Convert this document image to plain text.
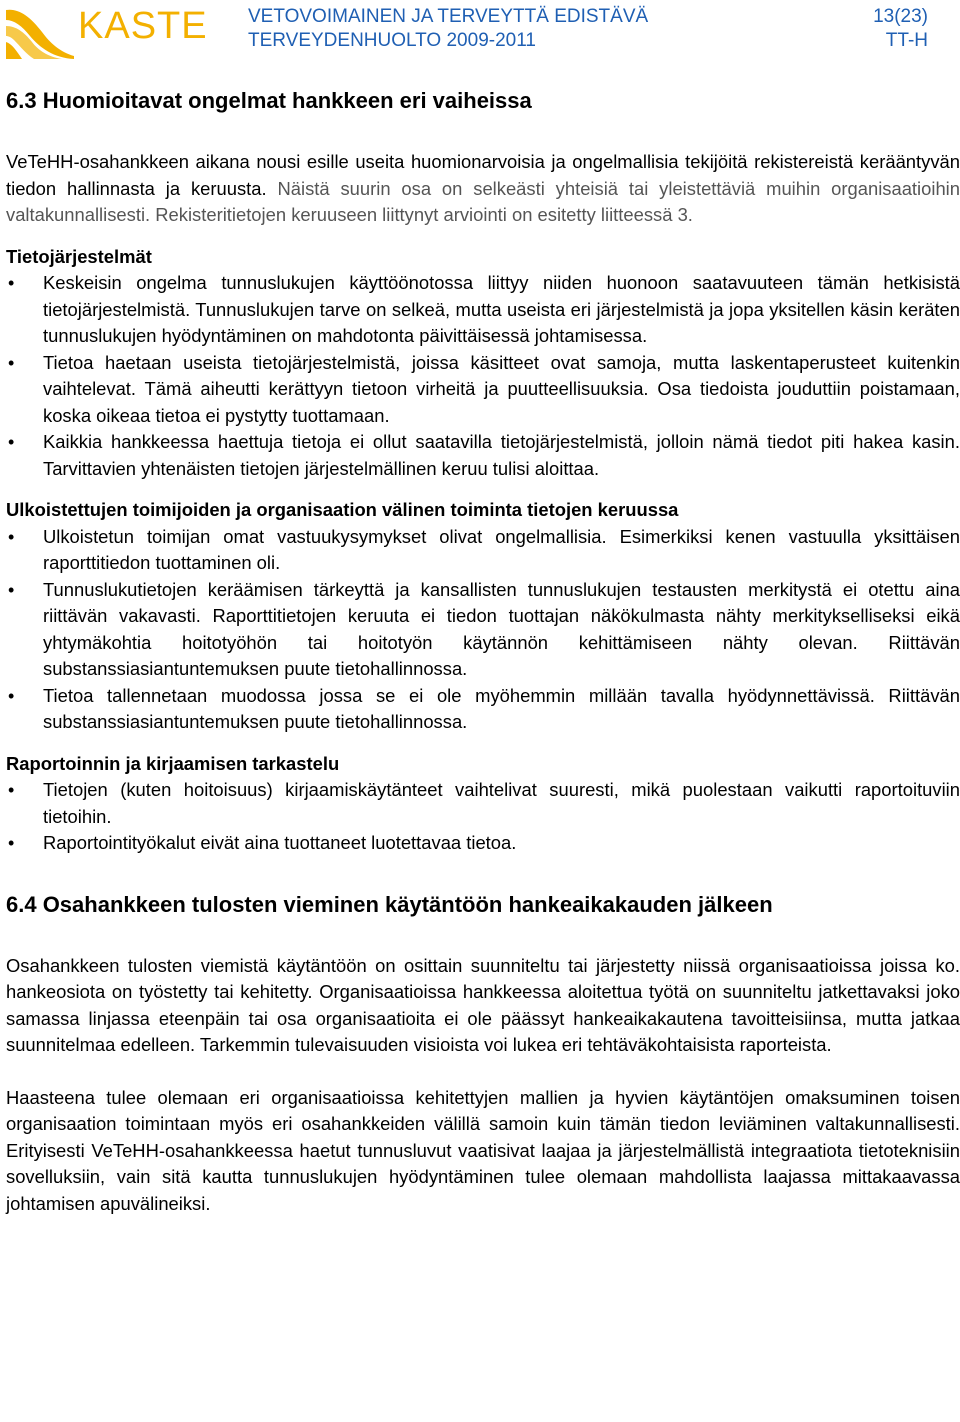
KASTE VETOVOIMAINEN JA TERVEYTTÄ EDISTÄVÄ
TERVEYDENHUOLTO 2009-2011
13(23)
TT-H
6.3 Huomioitavat ongelmat hankkeen eri vaiheissa

VeTeHH-osahankkeen aikana nousi esille useita huomionarvoisia ja ongelmallisia tekijöitä rekistereistä kerääntyvän tiedon hallinnasta ja keruusta. Näistä suurin osa on selkeästi yhteisiä tai yleistettäviä muihin organisaatioihin valtakunnallisesti. Rekisteritietojen keruuseen liittynyt arviointi on esitetty liitteessä 3.

Tietojärjestelmät
• Keskeisin ongelma tunnuslukujen käyttöönotossa liittyy niiden huonoon saatavuuteen tämän hetkisistä tietojärjestelmistä. Tunnuslukujen tarve on selkeä, mutta useista eri järjestelmistä ja jopa yksitellen käsin keräten tunnuslukujen hyödyntäminen on mahdotonta päivittäisessä johtamisessa.
• Tietoa haetaan useista tietojärjestelmistä, joissa käsitteet ovat samoja, mutta laskentaperusteet kuitenkin vaihtelevat. Tämä aiheutti kerättyyn tietoon virheitä ja puutteellisuuksia. Osa tiedoista jouduttiin poistamaan, koska oikeaa tietoa ei pystytty tuottamaan.
• Kaikkia hankkeessa haettuja tietoja ei ollut saatavilla tietojärjestelmistä, jolloin nämä tiedot piti hakea kasin. Tarvittavien yhtenäisten tietojen järjestelmällinen keruu tulisi aloittaa.
Ulkoistettujen toimijoiden ja organisaation välinen toiminta tietojen keruussa
• Ulkoistetun toimijan omat vastuukysymykset olivat ongelmallisia. Esimerkiksi kenen vastuulla yksittäisen raporttitiedon tuottaminen oli.
• Tunnuslukutietojen keräämisen tärkeyttä ja kansallisten tunnuslukujen testausten merkitystä ei otettu aina riittävän vakavasti. Raporttitietojen keruuta ei tiedon tuottajan näkökulmasta nähty merkitykselliseksi eikä yhtymäkohtia hoitotyöhön tai hoitotyön käytännön kehittämiseen nähty olevan. Riittävän substanssiasiantuntemuksen puute tietohallinnossa.
• Tietoa tallennetaan muodossa jossa se ei ole myöhemmin millään tavalla hyödynnettävissä. Riittävän substanssiasiantuntemuksen puute tietohallinnossa.
Raportoinnin ja kirjaamisen tarkastelu
• Tietojen (kuten hoitoisuus) kirjaamiskäytänteet vaihtelivat suuresti, mikä puolestaan vaikutti raportoituviin tietoihin.
• Raportointityökalut eivät aina tuottaneet luotettavaa tietoa.
6.4 Osahankkeen tulosten vieminen käytäntöön hankeaikakauden jälkeen

Osahankkeen tulosten viemistä käytäntöön on osittain suunniteltu tai järjestetty niissä organisaatioissa joissa ko. hankeosiota on työstetty tai kehitetty. Organisaatioissa hankkeessa aloitettua työtä on suunniteltu jatkettavaksi joko samassa linjassa eteenpäin tai osa organisaatioita ei ole päässyt hankeaikakautena tavoitteisiinsa, mutta jatkaa suunnitelmaa edelleen. Tarkemmin tulevaisuuden visioista voi lukea eri tehtäväkohtaisista raporteista.

Haasteena tulee olemaan eri organisaatioissa kehitettyjen mallien ja hyvien käytäntöjen omaksuminen toisen organisaation toimintaan myös eri osahankkeiden välillä samoin kuin tämän tiedon leviäminen valtakunnallisesti. Erityisesti VeTeHH-osahankkeessa haetut tunnusluvut vaatisivat laajaa ja järjestelmällistä integraatiota tietoteknisiin sovelluksiin, vain sitä kautta tunnuslukujen hyödyntäminen tulee olemaan mahdollista laajassa mittakaavassa johtamisen apuvälineiksi.
